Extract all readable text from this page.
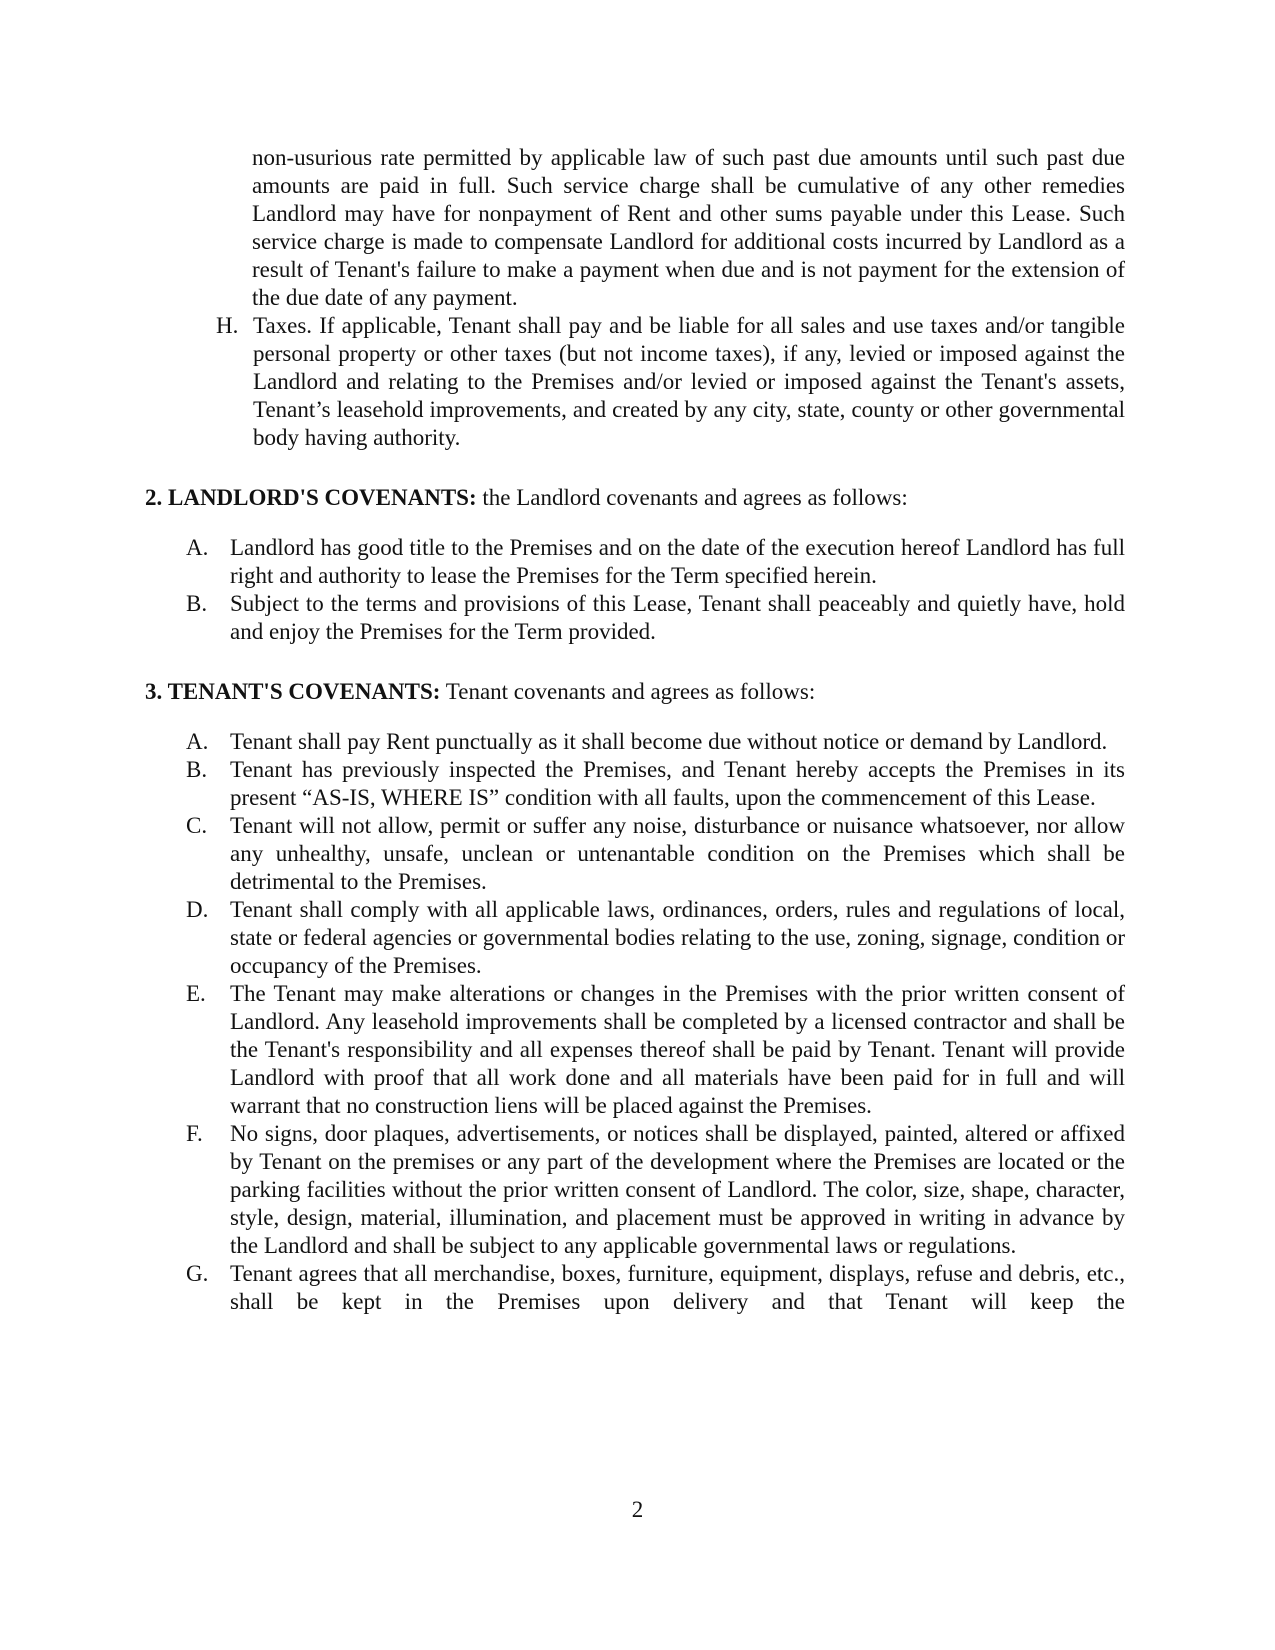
non-usurious rate permitted by applicable law of such past due amounts until such past due amounts are paid in full. Such service charge shall be cumulative of any other remedies Landlord may have for nonpayment of Rent and other sums payable under this Lease. Such service charge is made to compensate Landlord for additional costs incurred by Landlord as a result of Tenant's failure to make a payment when due and is not payment for the extension of the due date of any payment.
H. Taxes. If applicable, Tenant shall pay and be liable for all sales and use taxes and/or tangible personal property or other taxes (but not income taxes), if any, levied or imposed against the Landlord and relating to the Premises and/or levied or imposed against the Tenant's assets, Tenant’s leasehold improvements, and created by any city, state, county or other governmental body having authority.
2. LANDLORD'S COVENANTS: the Landlord covenants and agrees as follows:
A. Landlord has good title to the Premises and on the date of the execution hereof Landlord has full right and authority to lease the Premises for the Term specified herein.
B. Subject to the terms and provisions of this Lease, Tenant shall peaceably and quietly have, hold and enjoy the Premises for the Term provided.
3. TENANT'S COVENANTS: Tenant covenants and agrees as follows:
A. Tenant shall pay Rent punctually as it shall become due without notice or demand by Landlord.
B. Tenant has previously inspected the Premises, and Tenant hereby accepts the Premises in its present “AS-IS, WHERE IS” condition with all faults, upon the commencement of this Lease.
C. Tenant will not allow, permit or suffer any noise, disturbance or nuisance whatsoever, nor allow any unhealthy, unsafe, unclean or untenantable condition on the Premises which shall be detrimental to the Premises.
D. Tenant shall comply with all applicable laws, ordinances, orders, rules and regulations of local, state or federal agencies or governmental bodies relating to the use, zoning, signage, condition or occupancy of the Premises.
E. The Tenant may make alterations or changes in the Premises with the prior written consent of Landlord. Any leasehold improvements shall be completed by a licensed contractor and shall be the Tenant's responsibility and all expenses thereof shall be paid by Tenant. Tenant will provide Landlord with proof that all work done and all materials have been paid for in full and will warrant that no construction liens will be placed against the Premises.
F. No signs, door plaques, advertisements, or notices shall be displayed, painted, altered or affixed by Tenant on the premises or any part of the development where the Premises are located or the parking facilities without the prior written consent of Landlord. The color, size, shape, character, style, design, material, illumination, and placement must be approved in writing in advance by the Landlord and shall be subject to any applicable governmental laws or regulations.
G. Tenant agrees that all merchandise, boxes, furniture, equipment, displays, refuse and debris, etc., shall be kept in the Premises upon delivery and that Tenant will keep the
2
